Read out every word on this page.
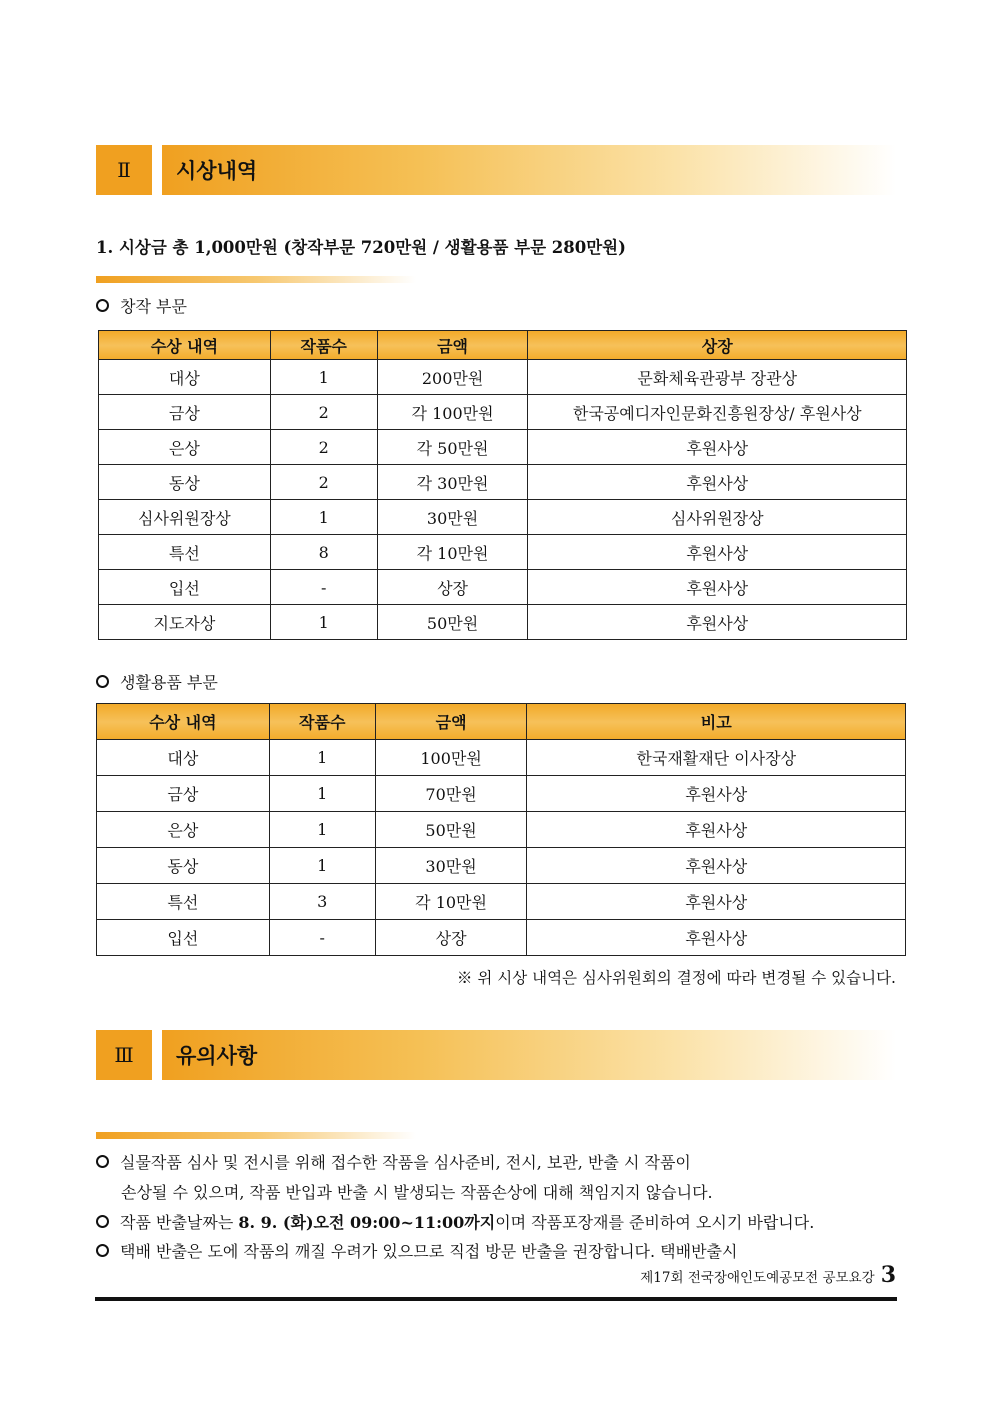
Ⅱ	시상내역
1. 시상금 총 1,000만원 (창작부문 720만원 / 생활용품 부문 280만원)
창작 부문
수상 내역	작품수	금액	상장
대상	1	200만원	문화체육관광부 장관상
금상	2	각 100만원	한국공예디자인문화진흥원장상/ 후원사상
은상	2	각 50만원	후원사상
동상	2	각 30만원	후원사상
심사위원장상	1	30만원	심사위원장상
특선	8	각 10만원	후원사상
입선	-	상장	후원사상
지도자상	1	50만원	후원사상
생활용품 부문
수상 내역	작품수	금액	비고
대상	1	100만원	한국재활재단 이사장상
금상	1	70만원	후원사상
은상	1	50만원	후원사상
동상	1	30만원	후원사상
특선	3	각 10만원	후원사상
입선	-	상장	후원사상
※ 위 시상 내역은 심사위원회의 결정에 따라 변경될 수 있습니다.
Ⅲ	유의사항
실물작품 심사 및 전시를 위해 접수한 작품을 심사준비, 전시, 보관, 반출 시 작품이
손상될 수 있으며, 작품 반입과 반출 시 발생되는 작품손상에 대해 책임지지 않습니다.
작품 반출날짜는 8. 9. (화)오전 09:00~11:00까지이며 작품포장재를 준비하여 오시기 바랍니다.
택배 반출은 도에 작품의 깨질 우려가 있으므로 직접 방문 반출을 권장합니다. 택배반출시
제17회 전국장애인도예공모전 공모요강 3
